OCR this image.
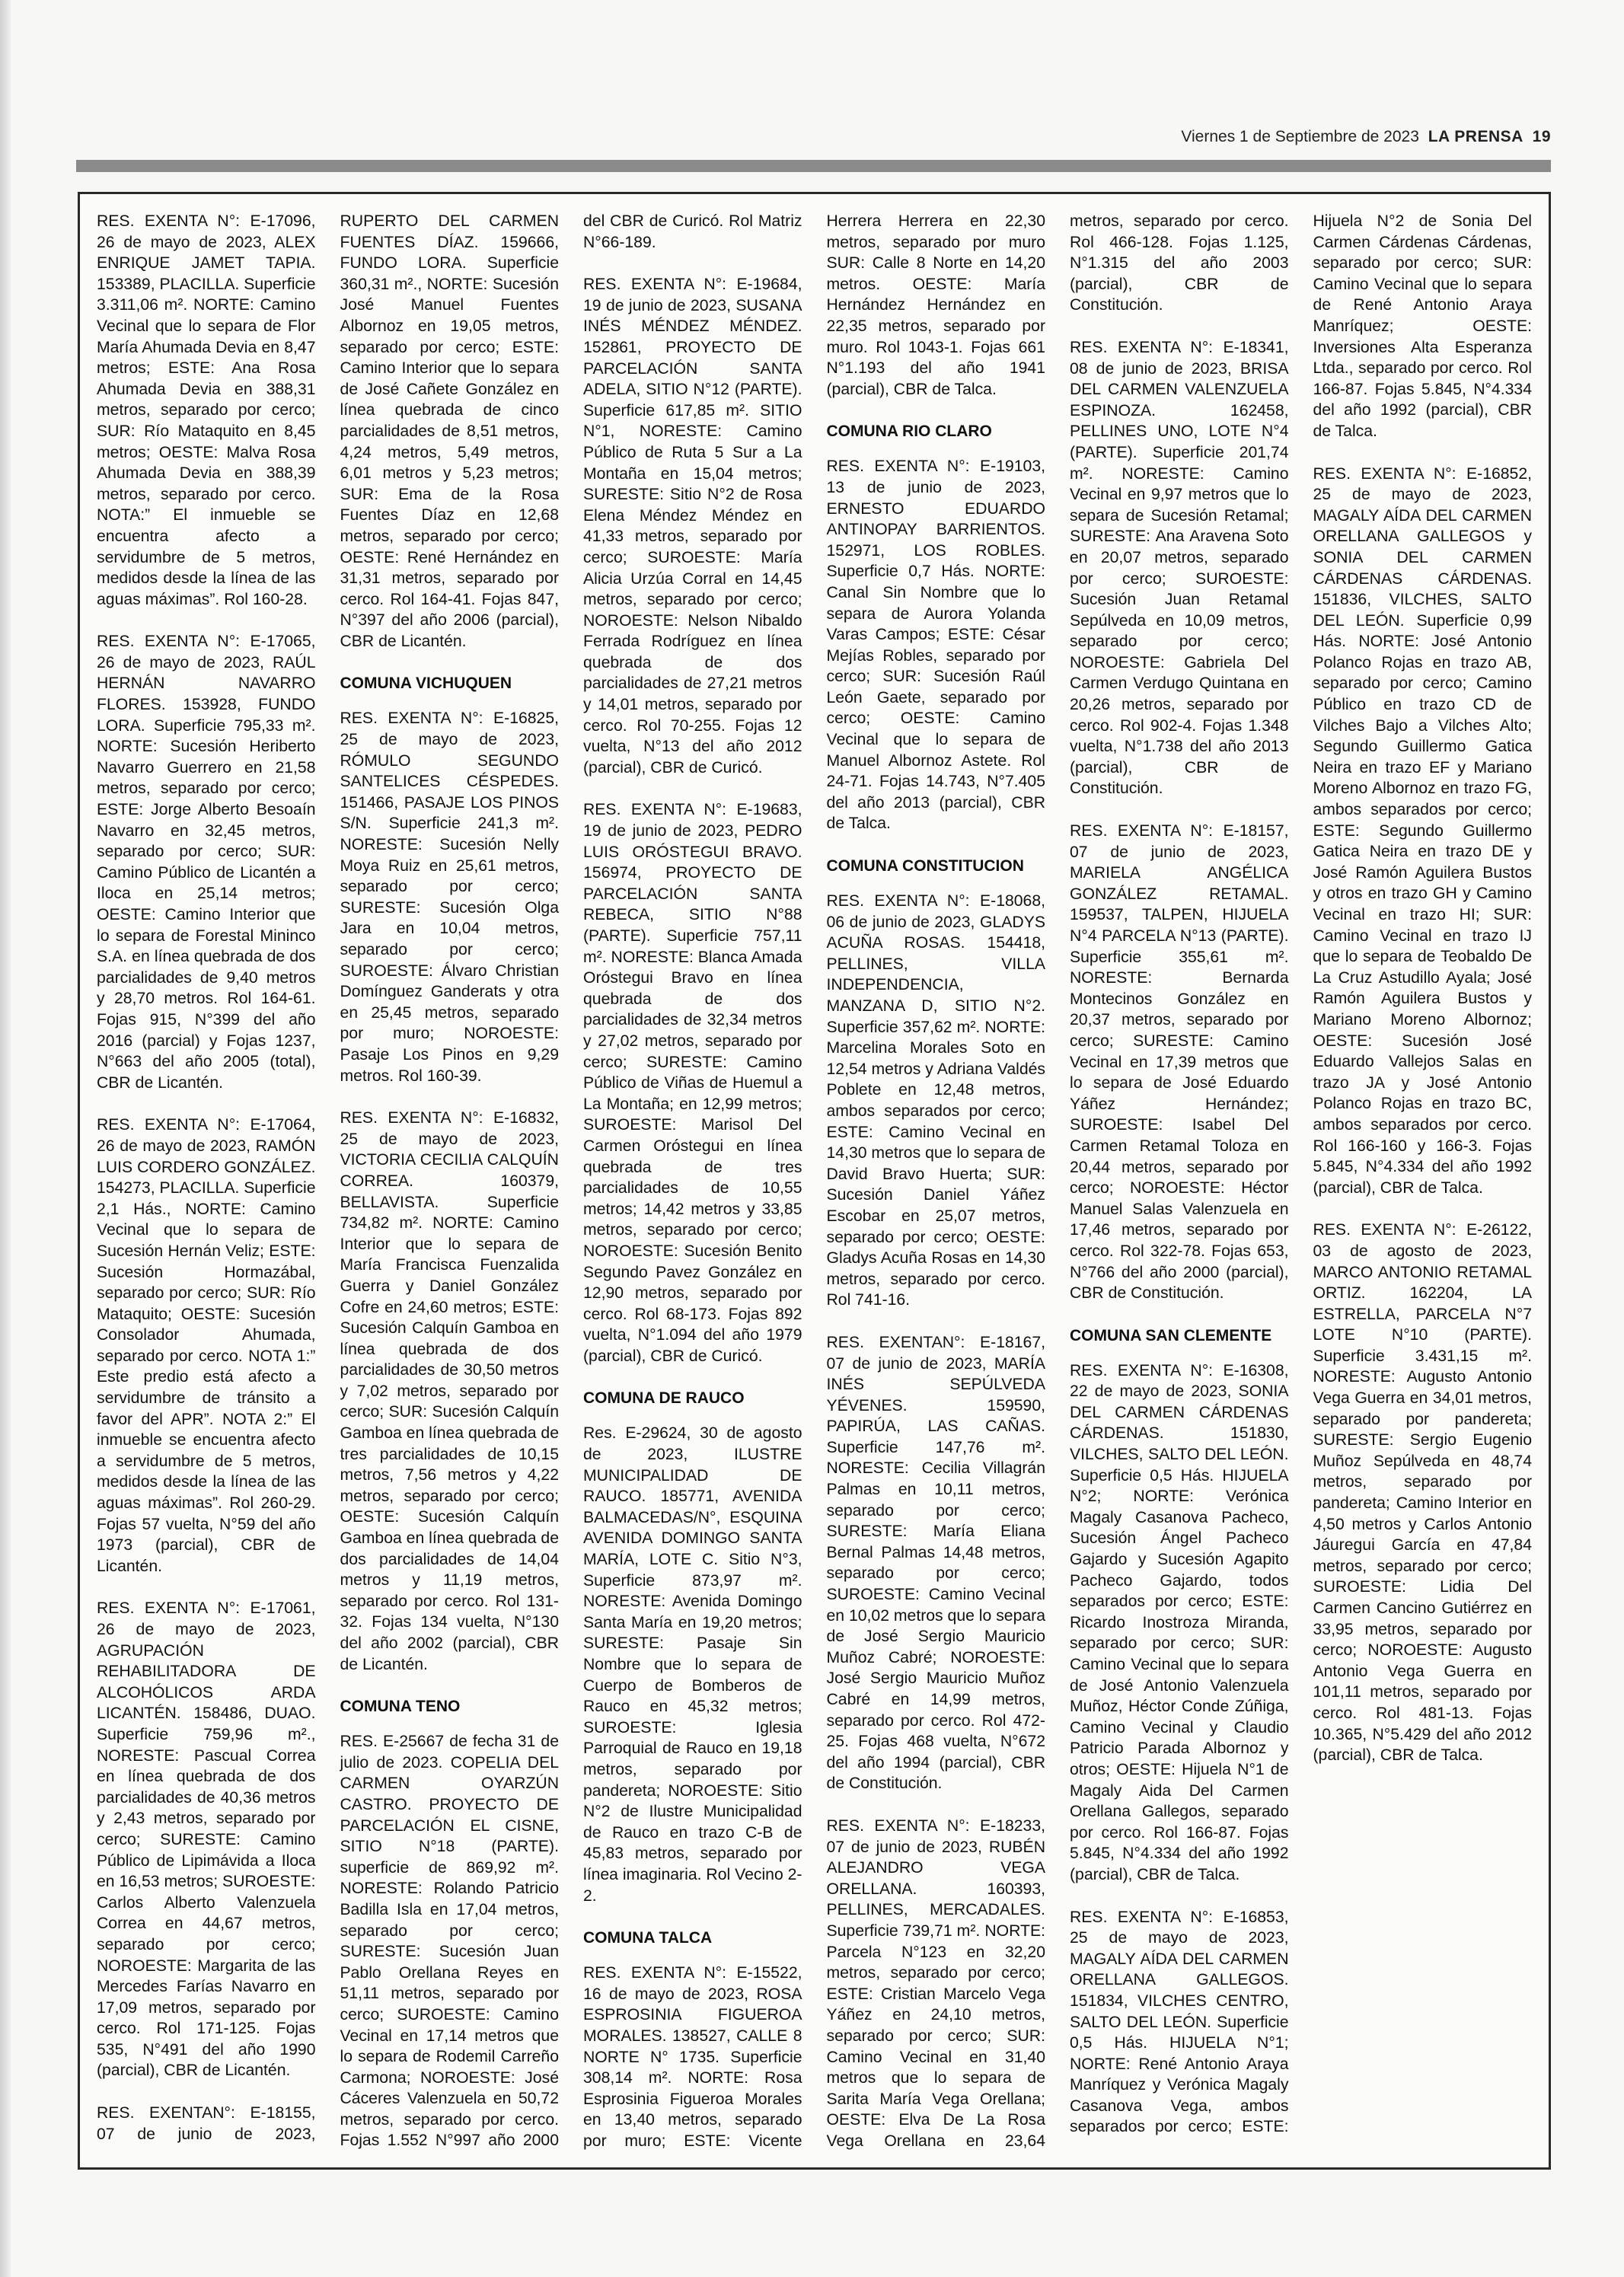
Viernes 1 de Septiembre de 2023 LA PRENSA 19

RES. EXENTA N°: E-17096, 26 de mayo de 2023, ALEX ENRIQUE JAMET TAPIA. 153389, PLACILLA. Superficie 3.311,06 m². NORTE: Camino Vecinal que lo separa de Flor María Ahumada Devia en 8,47 metros; ESTE: Ana Rosa Ahumada Devia en 388,31 metros, separado por cerco; SUR: Río Mataquito en 8,45 metros; OESTE: Malva Rosa Ahumada Devia en 388,39 metros, separado por cerco. NOTA:” El inmueble se encuentra afecto a servidumbre de 5 metros, medidos desde la línea de las aguas máximas”. Rol 160-28.

RES. EXENTA N°: E-17065, 26 de mayo de 2023, RAÚL HERNÁN NAVARRO FLORES. 153928, FUNDO LORA. Superficie 795,33 m². NORTE: Sucesión Heriberto Navarro Guerrero en 21,58 metros, separado por cerco; ESTE: Jorge Alberto Besoaín Navarro en 32,45 metros, separado por cerco; SUR: Camino Público de Licantén a Iloca en 25,14 metros; OESTE: Camino Interior que lo separa de Forestal Mininco S.A. en línea quebrada de dos parcialidades de 9,40 metros y 28,70 metros. Rol 164-61. Fojas 915, N°399 del año 2016 (parcial) y Fojas 1237, N°663 del año 2005 (total), CBR de Licantén.

RES. EXENTA N°: E-17064, 26 de mayo de 2023, RAMÓN LUIS CORDERO GONZÁLEZ. 154273, PLACILLA. Superficie 2,1 Hás., NORTE: Camino Vecinal que lo separa de Sucesión Hernán Veliz; ESTE: Sucesión Hormazábal, separado por cerco; SUR: Río Mataquito; OESTE: Sucesión Consolador Ahumada, separado por cerco. NOTA 1:” Este predio está afecto a servidumbre de tránsito a favor del APR”. NOTA 2:” El inmueble se encuentra afecto a servidumbre de 5 metros, medidos desde la línea de las aguas máximas”. Rol 260-29. Fojas 57 vuelta, N°59 del año 1973 (parcial), CBR de Licantén.

RES. EXENTA N°: E-17061, 26 de mayo de 2023, AGRUPACIÓN REHABILITADORA DE ALCOHÓLICOS ARDA LICANTÉN. 158486, DUAO. Superficie 759,96 m²., NORESTE: Pascual Correa en línea quebrada de dos parcialidades de 40,36 metros y 2,43 metros, separado por cerco; SURESTE: Camino Público de Lipimávida a Iloca en 16,53 metros; SUROESTE: Carlos Alberto Valenzuela Correa en 44,67 metros, separado por cerco; NOROESTE: Margarita de las Mercedes Farías Navarro en 17,09 metros, separado por cerco. Rol 171-125. Fojas 535, N°491 del año 1990 (parcial), CBR de Licantén.

RES. EXENTAN°: E-18155, 07 de junio de 2023, RUPERTO DEL CARMEN FUENTES DÍAZ. 159666, FUNDO LORA. Superficie 360,31 m²., NORTE: Sucesión José Manuel Fuentes Albornoz en 19,05 metros, separado por cerco; ESTE: Camino Interior que lo separa de José Cañete González en línea quebrada de cinco parcialidades de 8,51 metros, 4,24 metros, 5,49 metros, 6,01 metros y 5,23 metros; SUR: Ema de la Rosa Fuentes Díaz en 12,68 metros, separado por cerco; OESTE: René Hernández en 31,31 metros, separado por cerco. Rol 164-41. Fojas 847, N°397 del año 2006 (parcial), CBR de Licantén.

COMUNA VICHUQUEN

RES. EXENTA N°: E-16825, 25 de mayo de 2023, RÓMULO SEGUNDO SANTELICES CÉSPEDES. 151466, PASAJE LOS PINOS S/N. Superficie 241,3 m². NORESTE: Sucesión Nelly Moya Ruiz en 25,61 metros, separado por cerco; SURESTE: Sucesión Olga Jara en 10,04 metros, separado por cerco; SUROESTE: Álvaro Christian Domínguez Ganderats y otra en 25,45 metros, separado por muro; NOROESTE: Pasaje Los Pinos en 9,29 metros. Rol 160-39.

RES. EXENTA N°: E-16832, 25 de mayo de 2023, VICTORIA CECILIA CALQUÍN CORREA. 160379, BELLAVISTA. Superficie 734,82 m². NORTE: Camino Interior que lo separa de María Francisca Fuenzalida Guerra y Daniel González Cofre en 24,60 metros; ESTE: Sucesión Calquín Gamboa en línea quebrada de dos parcialidades de 30,50 metros y 7,02 metros, separado por cerco; SUR: Sucesión Calquín Gamboa en línea quebrada de tres parcialidades de 10,15 metros, 7,56 metros y 4,22 metros, separado por cerco; OESTE: Sucesión Calquín Gamboa en línea quebrada de dos parcialidades de 14,04 metros y 11,19 metros, separado por cerco. Rol 131-32. Fojas 134 vuelta, N°130 del año 2002 (parcial), CBR de Licantén.

COMUNA TENO

RES. E-25667 de fecha 31 de julio de 2023. COPELIA DEL CARMEN OYARZÚN CASTRO. PROYECTO DE PARCELACIÓN EL CISNE, SITIO N°18 (PARTE). superficie de 869,92 m². NORESTE: Rolando Patricio Badilla Isla en 17,04 metros, separado por cerco; SURESTE: Sucesión Juan Pablo Orellana Reyes en 51,11 metros, separado por cerco; SUROESTE: Camino Vecinal en 17,14 metros que lo separa de Rodemil Carreño Carmona; NOROESTE: José Cáceres Valenzuela en 50,72 metros, separado por cerco. Fojas 1.552 N°997 año 2000 del CBR de Curicó. Rol Matriz N°66-189.

RES. EXENTA N°: E-19684, 19 de junio de 2023, SUSANA INÉS MÉNDEZ MÉNDEZ. 152861, PROYECTO DE PARCELACIÓN SANTA ADELA, SITIO N°12 (PARTE). Superficie 617,85 m². SITIO N°1, NORESTE: Camino Público de Ruta 5 Sur a La Montaña en 15,04 metros; SURESTE: Sitio N°2 de Rosa Elena Méndez Méndez en 41,33 metros, separado por cerco; SUROESTE: María Alicia Urzúa Corral en 14,45 metros, separado por cerco; NOROESTE: Nelson Nibaldo Ferrada Rodríguez en línea quebrada de dos parcialidades de 27,21 metros y 14,01 metros, separado por cerco. Rol 70-255. Fojas 12 vuelta, N°13 del año 2012 (parcial), CBR de Curicó.

RES. EXENTA N°: E-19683, 19 de junio de 2023, PEDRO LUIS ORÓSTEGUI BRAVO. 156974, PROYECTO DE PARCELACIÓN SANTA REBECA, SITIO N°88 (PARTE). Superficie 757,11 m². NORESTE: Blanca Amada Oróstegui Bravo en línea quebrada de dos parcialidades de 32,34 metros y 27,02 metros, separado por cerco; SURESTE: Camino Público de Viñas de Huemul a La Montaña; en 12,99 metros; SUROESTE: Marisol Del Carmen Oróstegui en línea quebrada de tres parcialidades de 10,55 metros; 14,42 metros y 33,85 metros, separado por cerco; NOROESTE: Sucesión Benito Segundo Pavez González en 12,90 metros, separado por cerco. Rol 68-173. Fojas 892 vuelta, N°1.094 del año 1979 (parcial), CBR de Curicó.

COMUNA DE RAUCO

Res. E-29624, 30 de agosto de 2023, ILUSTRE MUNICIPALIDAD DE RAUCO. 185771, AVENIDA BALMACEDAS/N°, ESQUINA AVENIDA DOMINGO SANTA MARÍA, LOTE C. Sitio N°3, Superficie 873,97 m². NORESTE: Avenida Domingo Santa María en 19,20 metros; SURESTE: Pasaje Sin Nombre que lo separa de Cuerpo de Bomberos de Rauco en 45,32 metros; SUROESTE: Iglesia Parroquial de Rauco en 19,18 metros, separado por pandereta; NOROESTE: Sitio N°2 de Ilustre Municipalidad de Rauco en trazo C-B de 45,83 metros, separado por línea imaginaria. Rol Vecino 2-2.

COMUNA TALCA

RES. EXENTA N°: E-15522, 16 de mayo de 2023, ROSA ESPROSINIA FIGUEROA MORALES. 138527, CALLE 8 NORTE N° 1735. Superficie 308,14 m². NORTE: Rosa Esprosinia Figueroa Morales en 13,40 metros, separado por muro; ESTE: Vicente Herrera Herrera en 22,30 metros, separado por muro SUR: Calle 8 Norte en 14,20 metros. OESTE: María Hernández Hernández en 22,35 metros, separado por muro. Rol 1043-1. Fojas 661 N°1.193 del año 1941 (parcial), CBR de Talca.

COMUNA RIO CLARO

RES. EXENTA N°: E-19103, 13 de junio de 2023, ERNESTO EDUARDO ANTINOPAY BARRIENTOS. 152971, LOS ROBLES. Superficie 0,7 Hás. NORTE: Canal Sin Nombre que lo separa de Aurora Yolanda Varas Campos; ESTE: César Mejías Robles, separado por cerco; SUR: Sucesión Raúl León Gaete, separado por cerco; OESTE: Camino Vecinal que lo separa de Manuel Albornoz Astete. Rol 24-71. Fojas 14.743, N°7.405 del año 2013 (parcial), CBR de Talca.

COMUNA CONSTITUCION

RES. EXENTA N°: E-18068, 06 de junio de 2023, GLADYS ACUÑA ROSAS. 154418, PELLINES, VILLA INDEPENDENCIA, MANZANA D, SITIO N°2. Superficie 357,62 m². NORTE: Marcelina Morales Soto en 12,54 metros y Adriana Valdés Poblete en 12,48 metros, ambos separados por cerco; ESTE: Camino Vecinal en 14,30 metros que lo separa de David Bravo Huerta; SUR: Sucesión Daniel Yáñez Escobar en 25,07 metros, separado por cerco; OESTE: Gladys Acuña Rosas en 14,30 metros, separado por cerco. Rol 741-16.

RES. EXENTAN°: E-18167, 07 de junio de 2023, MARÍA INÉS SEPÚLVEDA YÉVENES. 159590, PAPIRÚA, LAS CAÑAS. Superficie 147,76 m². NORESTE: Cecilia Villagrán Palmas en 10,11 metros, separado por cerco; SURESTE: María Eliana Bernal Palmas 14,48 metros, separado por cerco; SUROESTE: Camino Vecinal en 10,02 metros que lo separa de José Sergio Mauricio Muñoz Cabré; NOROESTE: José Sergio Mauricio Muñoz Cabré en 14,99 metros, separado por cerco. Rol 472-25. Fojas 468 vuelta, N°672 del año 1994 (parcial), CBR de Constitución.

RES. EXENTA N°: E-18233, 07 de junio de 2023, RUBÉN ALEJANDRO VEGA ORELLANA. 160393, PELLINES, MERCADALES. Superficie 739,71 m². NORTE: Parcela N°123 en 32,20 metros, separado por cerco; ESTE: Cristian Marcelo Vega Yáñez en 24,10 metros, separado por cerco; SUR: Camino Vecinal en 31,40 metros que lo separa de Sarita María Vega Orellana; OESTE: Elva De La Rosa Vega Orellana en 23,64 metros, separado por cerco. Rol 466-128. Fojas 1.125, N°1.315 del año 2003 (parcial), CBR de Constitución.

RES. EXENTA N°: E-18341, 08 de junio de 2023, BRISA DEL CARMEN VALENZUELA ESPINOZA. 162458, PELLINES UNO, LOTE N°4 (PARTE). Superficie 201,74 m². NORESTE: Camino Vecinal en 9,97 metros que lo separa de Sucesión Retamal; SURESTE: Ana Aravena Soto en 20,07 metros, separado por cerco; SUROESTE: Sucesión Juan Retamal Sepúlveda en 10,09 metros, separado por cerco; NOROESTE: Gabriela Del Carmen Verdugo Quintana en 20,26 metros, separado por cerco. Rol 902-4. Fojas 1.348 vuelta, N°1.738 del año 2013 (parcial), CBR de Constitución.

RES. EXENTA N°: E-18157, 07 de junio de 2023, MARIELA ANGÉLICA GONZÁLEZ RETAMAL. 159537, TALPEN, HIJUELA N°4 PARCELA N°13 (PARTE). Superficie 355,61 m². NORESTE: Bernarda Montecinos González en 20,37 metros, separado por cerco; SURESTE: Camino Vecinal en 17,39 metros que lo separa de José Eduardo Yáñez Hernández; SUROESTE: Isabel Del Carmen Retamal Toloza en 20,44 metros, separado por cerco; NOROESTE: Héctor Manuel Salas Valenzuela en 17,46 metros, separado por cerco. Rol 322-78. Fojas 653, N°766 del año 2000 (parcial), CBR de Constitución.

COMUNA SAN CLEMENTE

RES. EXENTA N°: E-16308, 22 de mayo de 2023, SONIA DEL CARMEN CÁRDENAS CÁRDENAS. 151830, VILCHES, SALTO DEL LEÓN. Superficie 0,5 Hás. HIJUELA N°2; NORTE: Verónica Magaly Casanova Pacheco, Sucesión Ángel Pacheco Gajardo y Sucesión Agapito Pacheco Gajardo, todos separados por cerco; ESTE: Ricardo Inostroza Miranda, separado por cerco; SUR: Camino Vecinal que lo separa de José Antonio Valenzuela Muñoz, Héctor Conde Zúñiga, Camino Vecinal y Claudio Patricio Parada Albornoz y otros; OESTE: Hijuela N°1 de Magaly Aida Del Carmen Orellana Gallegos, separado por cerco. Rol 166-87. Fojas 5.845, N°4.334 del año 1992 (parcial), CBR de Talca.

RES. EXENTA N°: E-16853, 25 de mayo de 2023, MAGALY AÍDA DEL CARMEN ORELLANA GALLEGOS. 151834, VILCHES CENTRO, SALTO DEL LEÓN. Superficie 0,5 Hás. HIJUELA N°1; NORTE: René Antonio Araya Manríquez y Verónica Magaly Casanova Vega, ambos separados por cerco; ESTE: Hijuela N°2 de Sonia Del Carmen Cárdenas Cárdenas, separado por cerco; SUR: Camino Vecinal que lo separa de René Antonio Araya Manríquez; OESTE: Inversiones Alta Esperanza Ltda., separado por cerco. Rol 166-87. Fojas 5.845, N°4.334 del año 1992 (parcial), CBR de Talca.

RES. EXENTA N°: E-16852, 25 de mayo de 2023, MAGALY AÍDA DEL CARMEN ORELLANA GALLEGOS y SONIA DEL CARMEN CÁRDENAS CÁRDENAS. 151836, VILCHES, SALTO DEL LEÓN. Superficie 0,99 Hás. NORTE: José Antonio Polanco Rojas en trazo AB, separado por cerco; Camino Público en trazo CD de Vilches Bajo a Vilches Alto; Segundo Guillermo Gatica Neira en trazo EF y Mariano Moreno Albornoz en trazo FG, ambos separados por cerco; ESTE: Segundo Guillermo Gatica Neira en trazo DE y José Ramón Aguilera Bustos y otros en trazo GH y Camino Vecinal en trazo HI; SUR: Camino Vecinal en trazo IJ que lo separa de Teobaldo De La Cruz Astudillo Ayala; José Ramón Aguilera Bustos y Mariano Moreno Albornoz; OESTE: Sucesión José Eduardo Vallejos Salas en trazo JA y José Antonio Polanco Rojas en trazo BC, ambos separados por cerco. Rol 166-160 y 166-3. Fojas 5.845, N°4.334 del año 1992 (parcial), CBR de Talca.

RES. EXENTA N°: E-26122, 03 de agosto de 2023, MARCO ANTONIO RETAMAL ORTIZ. 162204, LA ESTRELLA, PARCELA N°7 LOTE N°10 (PARTE). Superficie 3.431,15 m². NORESTE: Augusto Antonio Vega Guerra en 34,01 metros, separado por pandereta; SURESTE: Sergio Eugenio Muñoz Sepúlveda en 48,74 metros, separado por pandereta; Camino Interior en 4,50 metros y Carlos Antonio Jáuregui García en 47,84 metros, separado por cerco; SUROESTE: Lidia Del Carmen Cancino Gutiérrez en 33,95 metros, separado por cerco; NOROESTE: Augusto Antonio Vega Guerra en 101,11 metros, separado por cerco. Rol 481-13. Fojas 10.365, N°5.429 del año 2012 (parcial), CBR de Talca.
